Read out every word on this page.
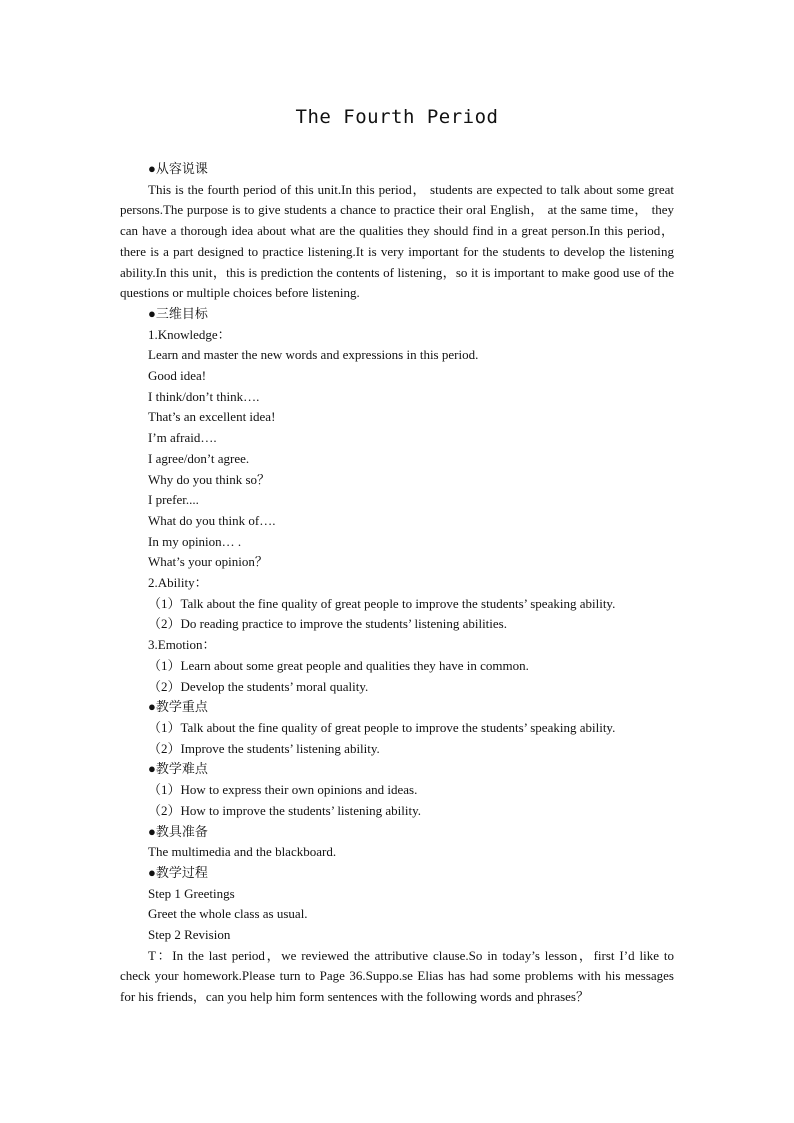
The Fourth Period

●从容说课

This is the fourth period of this unit.In this period， students are expected to talk about some great persons.The purpose is to give students a chance to practice their oral English， at the same time， they can have a thorough idea about what are the qualities they should find in a great person.In this period， there is a part designed to practice listening.It is very important for the students to develop the listening ability.In this unit，this is prediction the contents of listening，so it is important to make good use of the questions or multiple choices before listening.

●三维目标

1.Knowledge：

Learn and master the new words and expressions in this period.

Good idea!

I think/don’t think….

That’s an excellent idea!

I’m afraid….

I agree/don’t agree.

Why do you think so？

I prefer....

What do you think of….

In my opinion… .

What’s your opinion？

2.Ability：

（1）Talk about the fine quality of great people to improve the students’ speaking ability.

（2）Do reading practice to improve the students’ listening abilities.

3.Emotion：

（1）Learn about some great people and qualities they have in common.

（2）Develop the students’ moral quality.

●教学重点

（1）Talk about the fine quality of great people to improve the students’ speaking ability.

（2）Improve the students’ listening ability.

●教学难点

（1）How to express their own opinions and ideas.

（2）How to improve the students’ listening ability.

●教具准备

The multimedia and the blackboard.

●教学过程

Step 1 Greetings

Greet the whole class as usual.

Step 2 Revision

T：In the last period，we reviewed the attributive clause.So in today’s lesson，first I’d like to check your homework.Please turn to Page 36.Suppo.se Elias has had some problems with his messages for his friends，can you help him form sentences with the following words and phrases？
